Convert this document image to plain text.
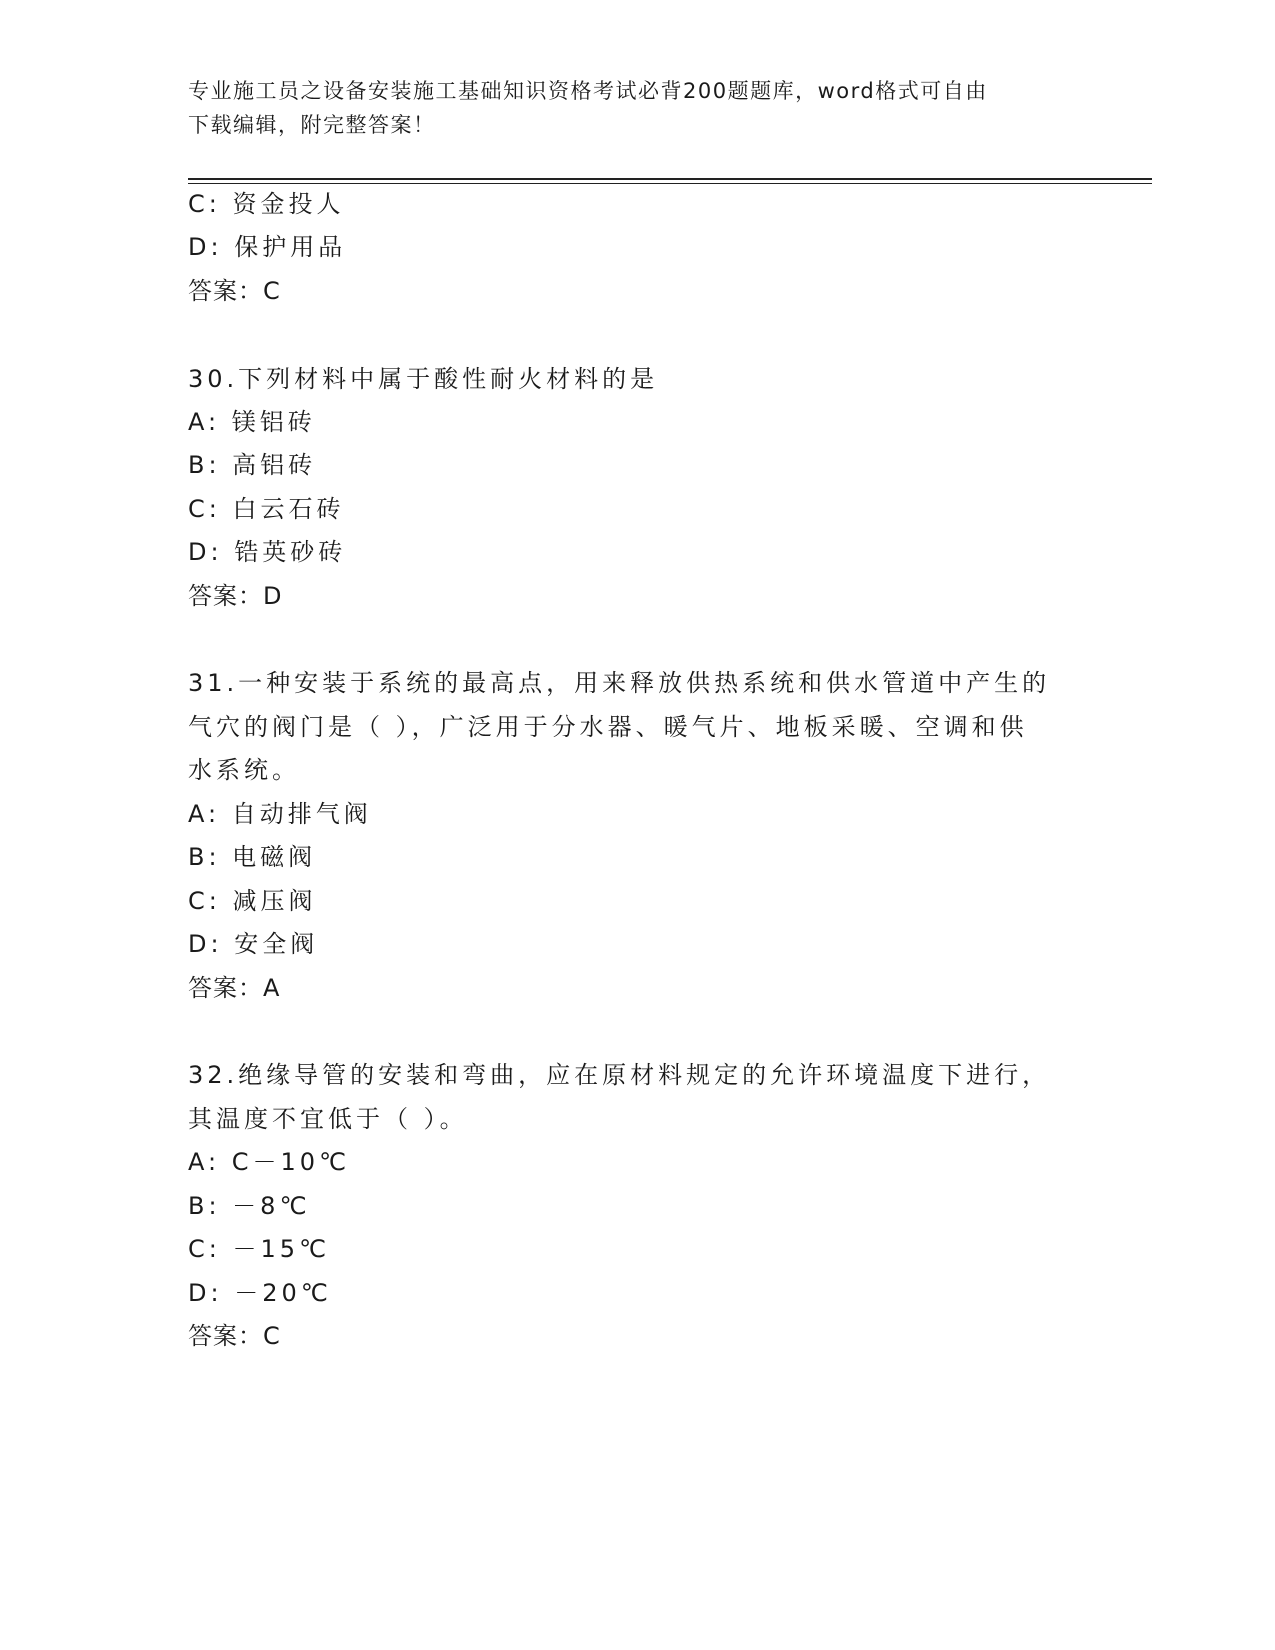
专业施工员之设备安装施工基础知识资格考试必背200题题库，word格式可自由
下载编辑，附完整答案！
C: 资金投人
D: 保护用品
答案：C
30.下列材料中属于酸性耐火材料的是
A: 镁铝砖
B: 高铝砖
C: 白云石砖
D: 锆英砂砖
答案：D
31.一种安装于系统的最高点，用来释放供热系统和供水管道中产生的
气穴的阀门是（ ），广泛用于分水器、暖气片、地板采暖、空调和供
水系统。
A: 自动排气阀
B: 电磁阀
C: 减压阀
D: 安全阀
答案：A
32.绝缘导管的安装和弯曲，应在原材料规定的允许环境温度下进行，
其温度不宜低于（ ）。
A: C－10℃
B: －8℃
C: －15℃
D: －20℃
答案：C
